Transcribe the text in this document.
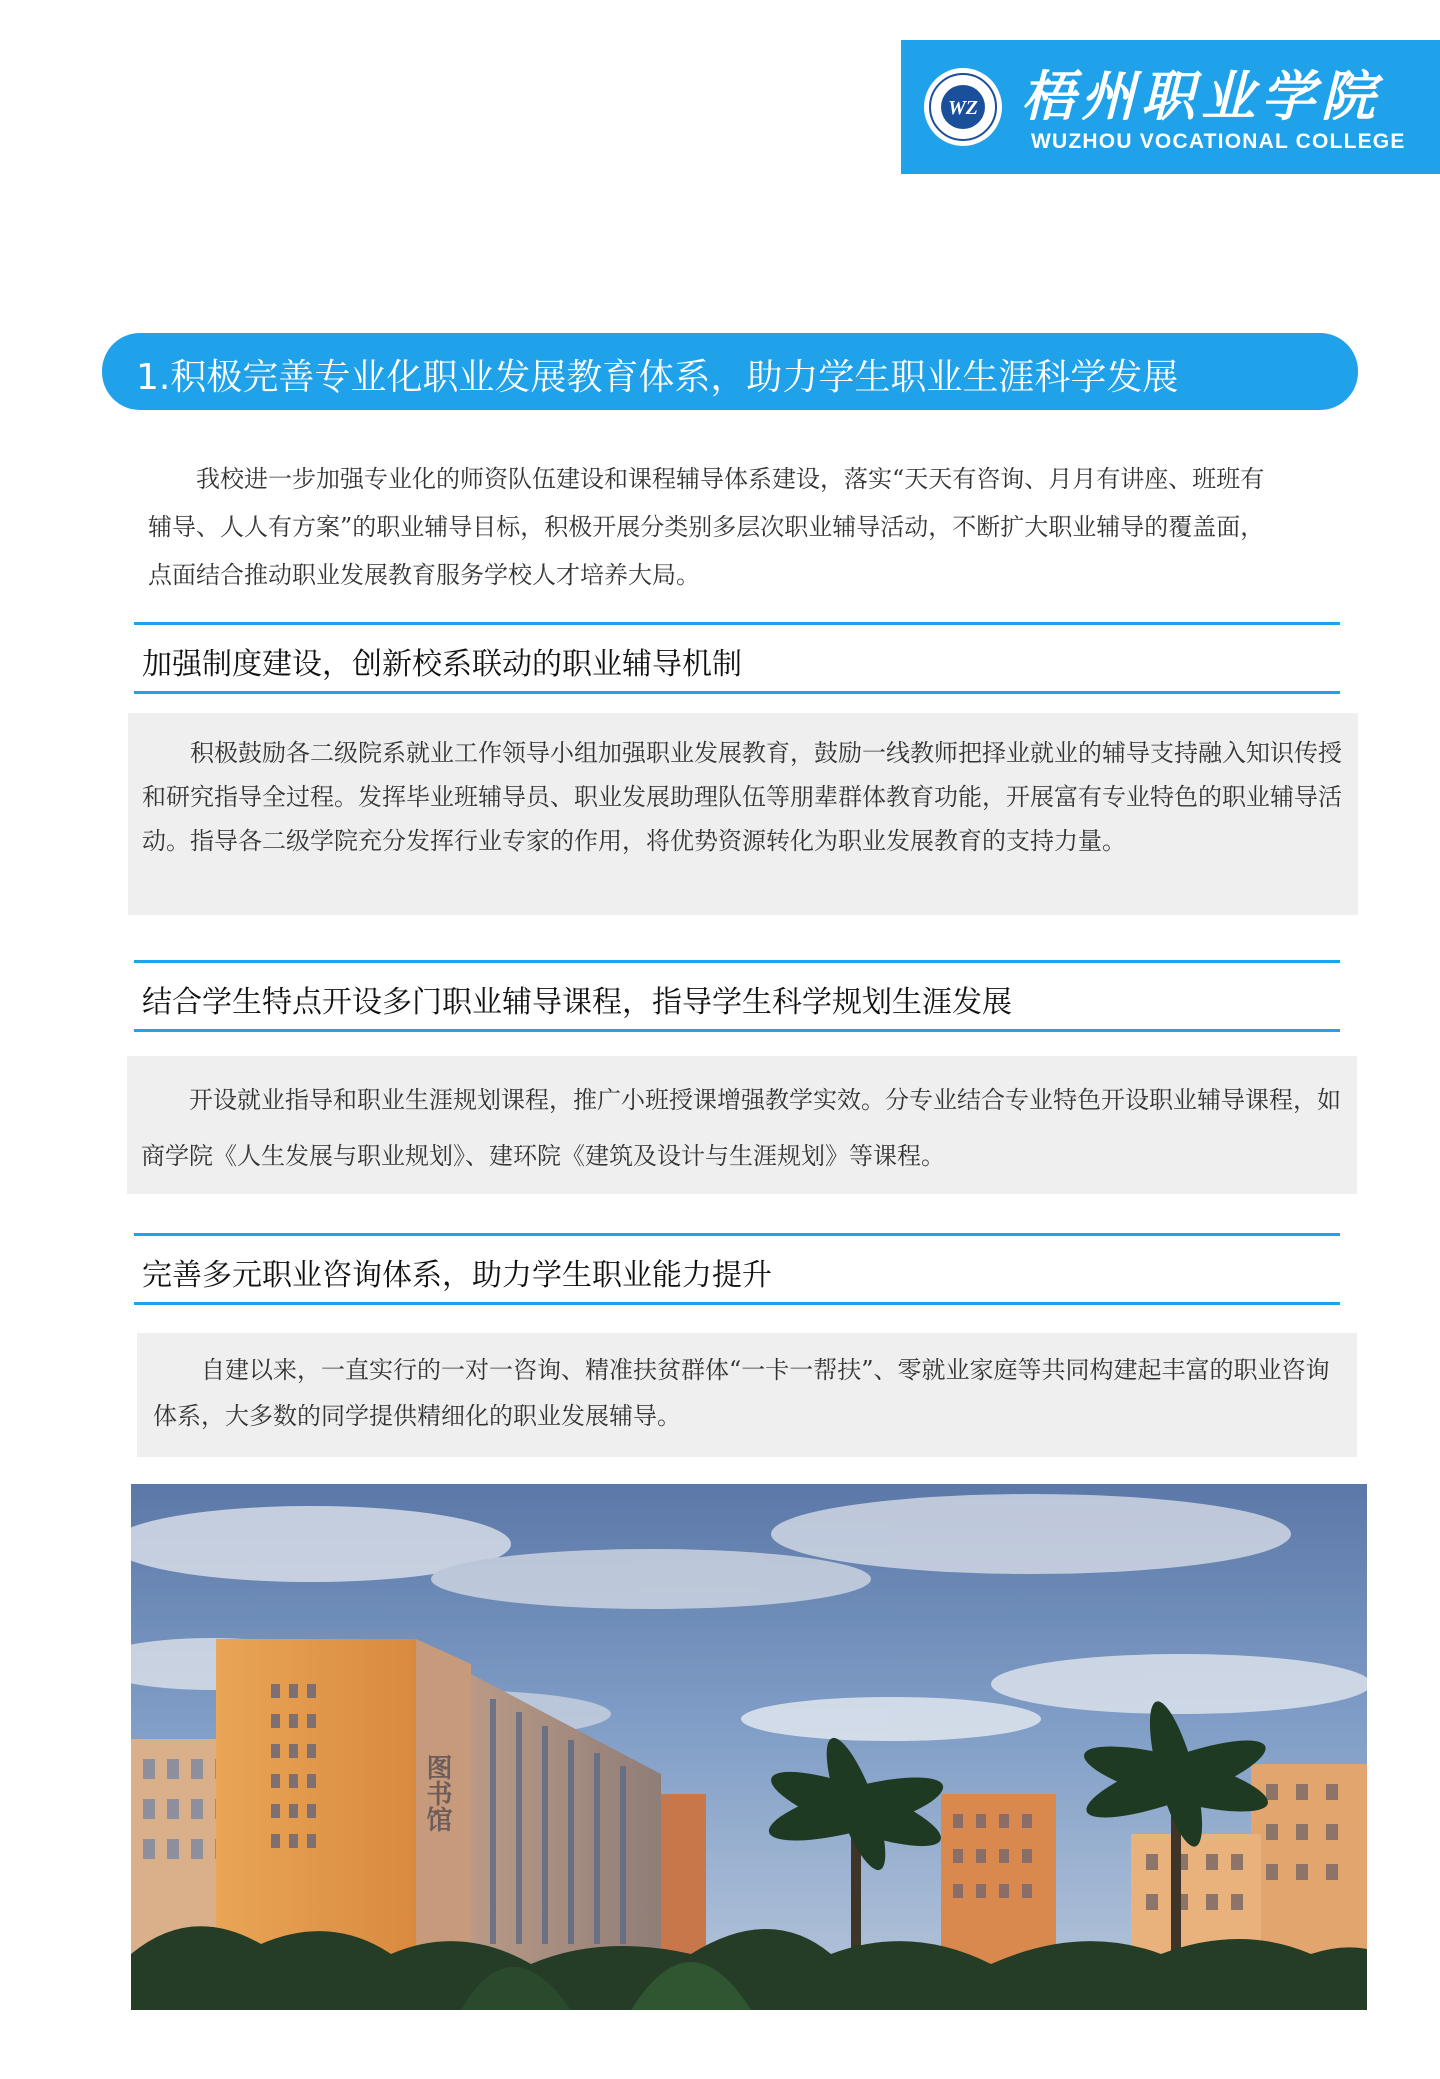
WZ 梧州职业学院
WUZHOU VOCATIONAL COLLEGE
1.积极完善专业化职业发展教育体系，助力学生职业生涯科学发展

我校进一步加强专业化的师资队伍建设和课程辅导体系建设，落实“天天有咨询、月月有讲座、班班有辅导、人人有方案”的职业辅导目标，积极开展分类别多层次职业辅导活动，不断扩大职业辅导的覆盖面，点面结合推动职业发展教育服务学校人才培养大局。

加强制度建设，创新校系联动的职业辅导机制

积极鼓励各二级院系就业工作领导小组加强职业发展教育，鼓励一线教师把择业就业的辅导支持融入知识传授和研究指导全过程。发挥毕业班辅导员、职业发展助理队伍等朋辈群体教育功能，开展富有专业特色的职业辅导活动。指导各二级学院充分发挥行业专家的作用，将优势资源转化为职业发展教育的支持力量。

结合学生特点开设多门职业辅导课程，指导学生科学规划生涯发展

开设就业指导和职业生涯规划课程，推广小班授课增强教学实效。分专业结合专业特色开设职业辅导课程，如商学院《人生发展与职业规划》、建环院《建筑及设计与生涯规划》等课程。

完善多元职业咨询体系，助力学生职业能力提升

自建以来，一直实行的一对一咨询、精准扶贫群体“一卡一帮扶”、零就业家庭等共同构建起丰富的职业咨询体系，大多数的同学提供精细化的职业发展辅导。

图书馆
